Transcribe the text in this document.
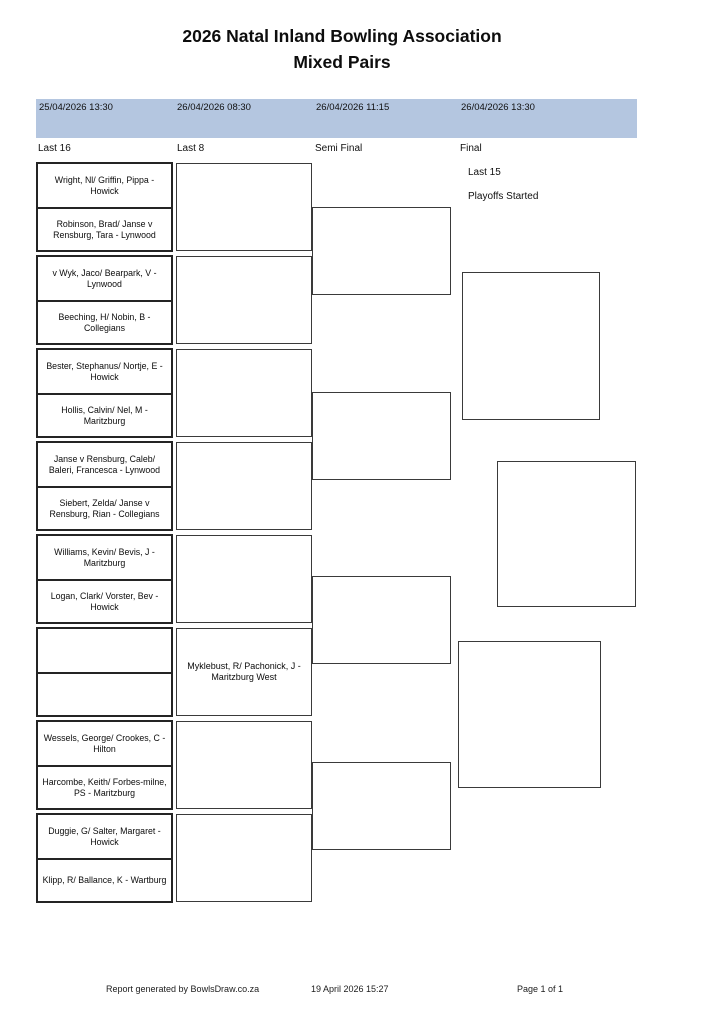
2026 Natal Inland Bowling Association
Mixed Pairs
25/04/2026 13:30	26/04/2026 08:30	26/04/2026 11:15	26/04/2026 13:30
Last 16	Last 8	Semi Final	Final
Last 15
Playoffs Started
Wright, Nl/ Griffin, Pippa - Howick
Robinson, Brad/ Janse v Rensburg, Tara - Lynwood
v Wyk, Jaco/ Bearpark, V - Lynwood
Beeching, H/ Nobin, B - Collegians
Bester, Stephanus/ Nortje, E - Howick
Hollis, Calvin/ Nel, M - Maritzburg
Janse v Rensburg, Caleb/ Baleri, Francesca - Lynwood
Siebert, Zelda/ Janse v Rensburg, Rian - Collegians
Williams, Kevin/ Bevis, J - Maritzburg
Logan, Clark/ Vorster, Bev - Howick
Wessels, George/ Crookes, C - Hilton
Harcombe, Keith/ Forbes-milne, PS - Maritzburg
Duggie, G/ Salter, Margaret - Howick
Klipp, R/ Ballance, K - Wartburg
Myklebust, R/ Pachonick, J - Maritzburg West
Report generated by BowlsDraw.co.za	19 April 2026 15:27	Page 1 of 1
